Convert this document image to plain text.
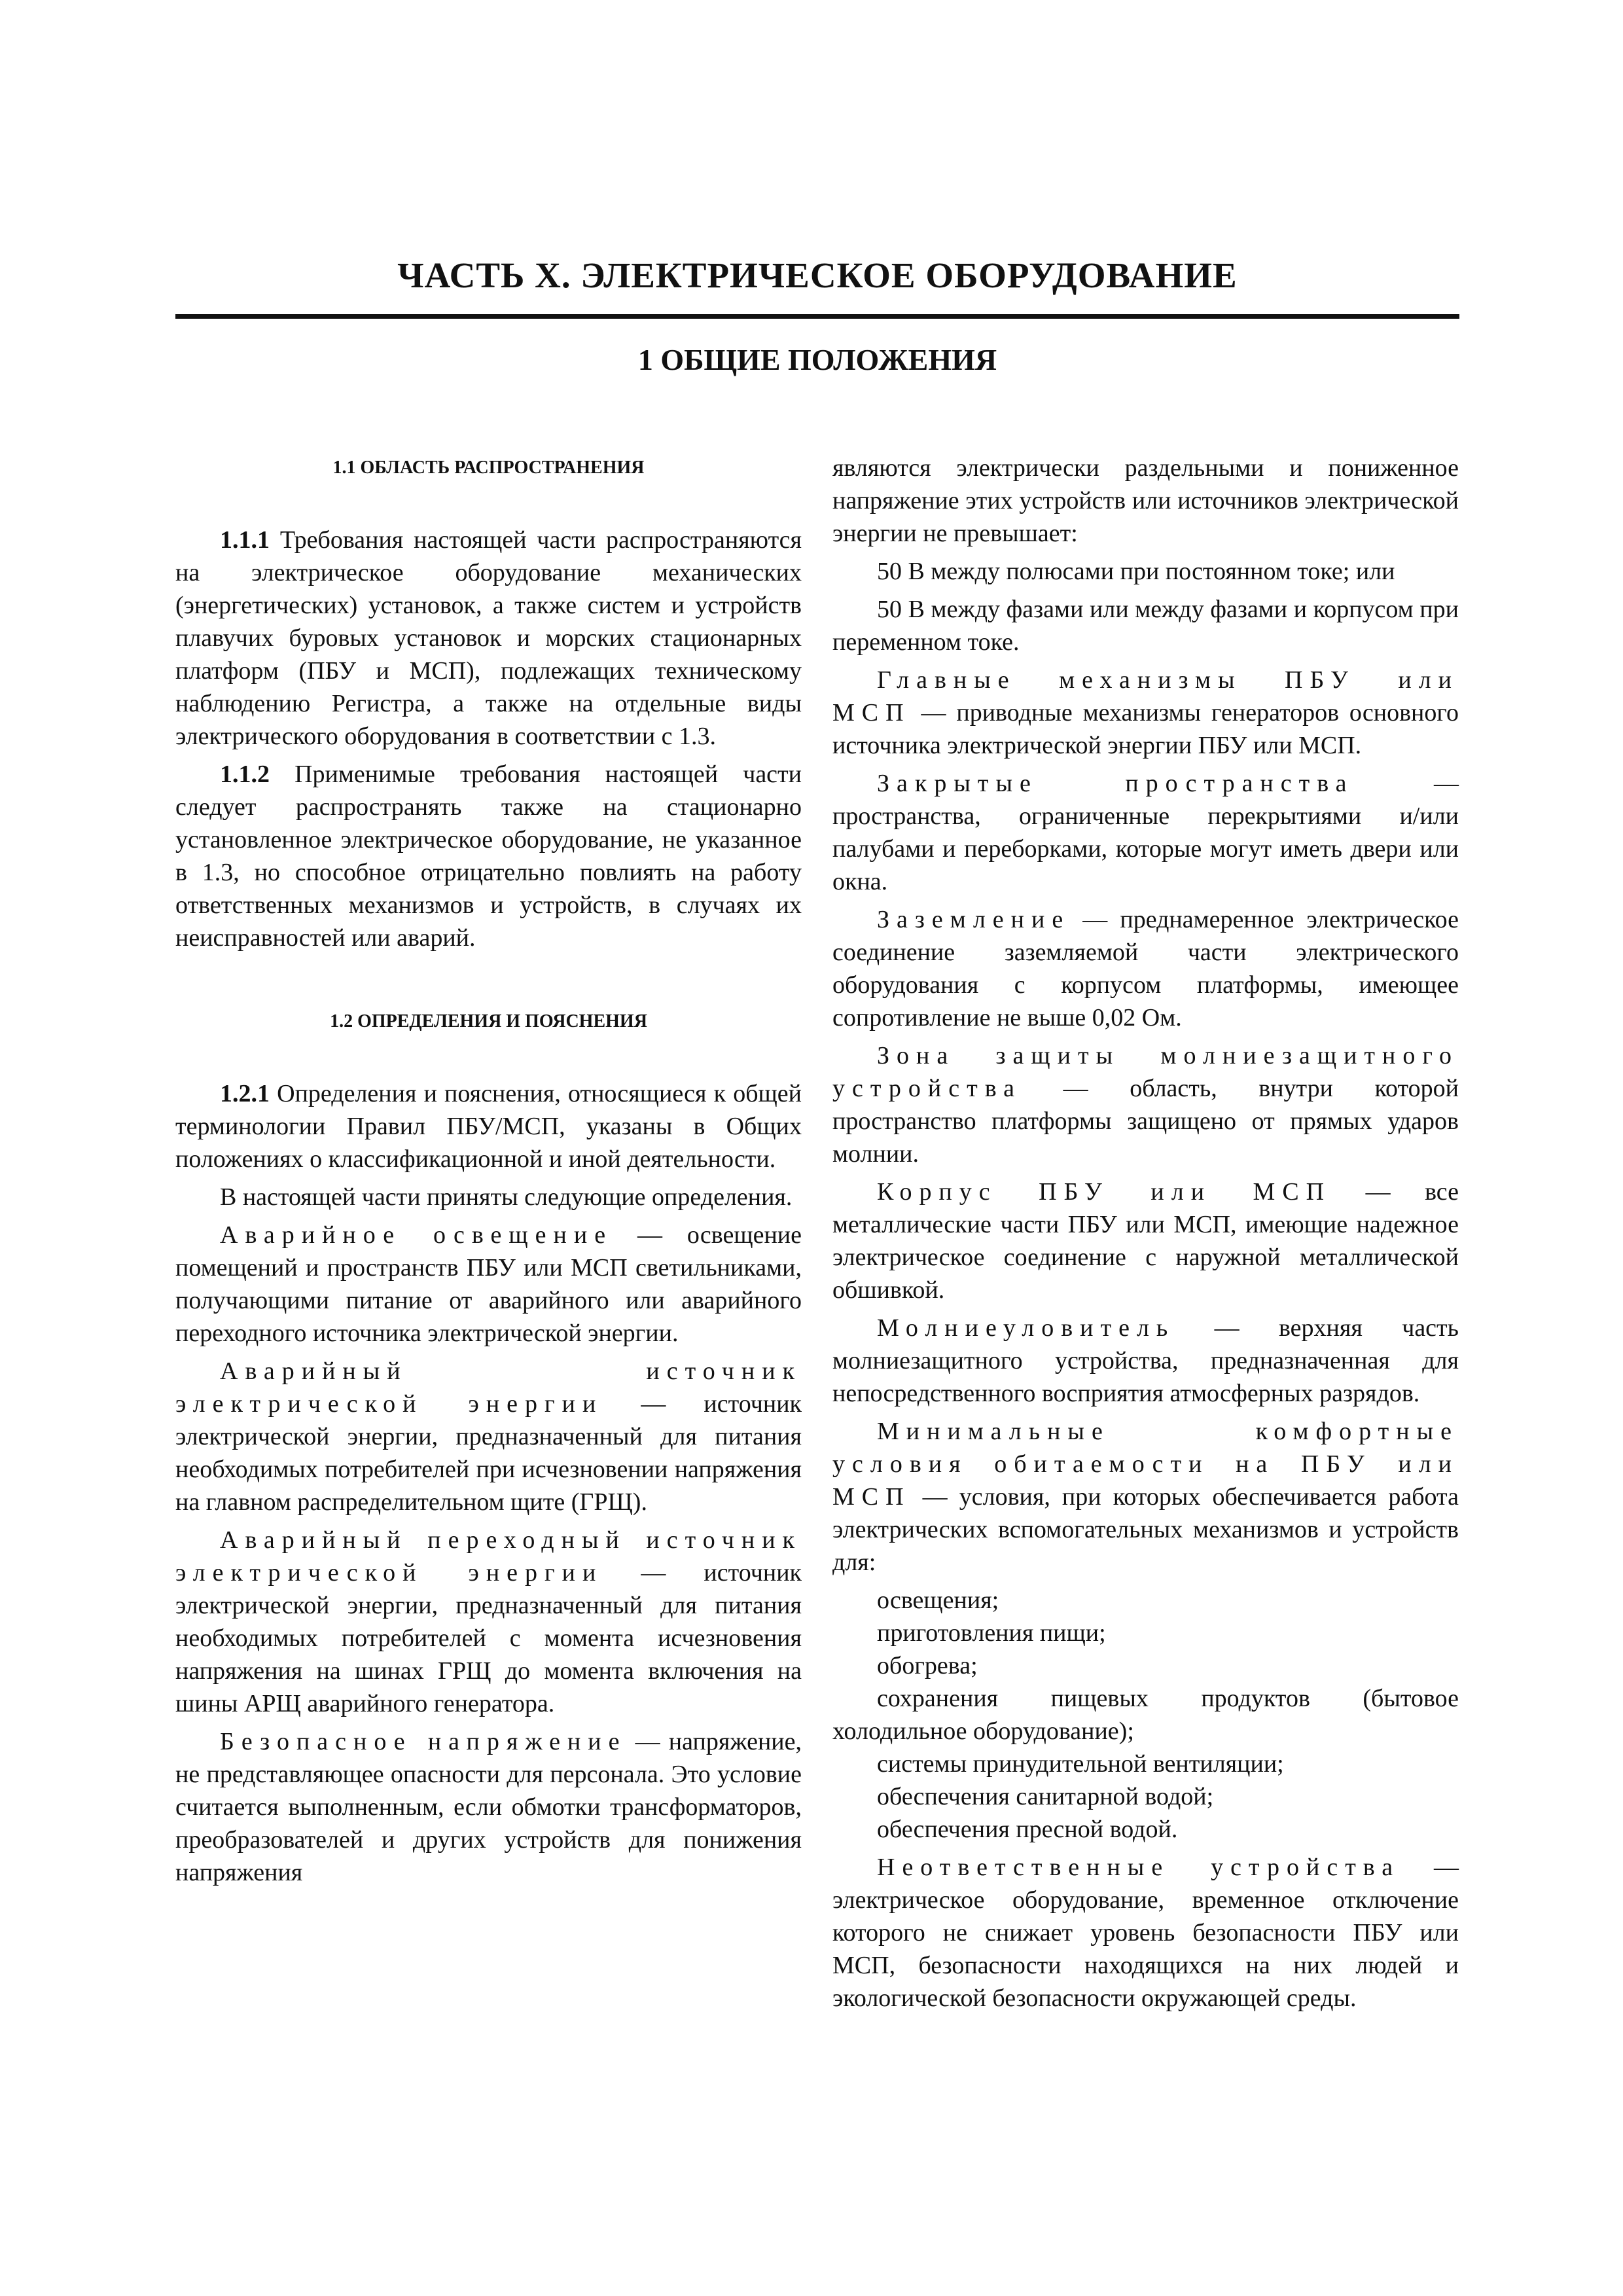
ЧАСТЬ X. ЭЛЕКТРИЧЕСКОЕ ОБОРУДОВАНИЕ
1 ОБЩИЕ ПОЛОЖЕНИЯ
1.1 ОБЛАСТЬ РАСПРОСТРАНЕНИЯ

1.1.1 Требования настоящей части распространяются на электрическое оборудование механических (энергетических) установок, а также систем и устройств плавучих буровых установок и морских стационарных платформ (ПБУ и МСП), подлежащих техническому наблюдению Регистра, а также на отдельные виды электрического оборудования в соответствии с 1.3.

1.1.2 Применимые требования настоящей части следует распространять также на стационарно установленное электрическое оборудование, не указанное в 1.3, но способное отрицательно повлиять на работу ответственных механизмов и устройств, в случаях их неисправностей или аварий.

1.2 ОПРЕДЕЛЕНИЯ И ПОЯСНЕНИЯ

1.2.1 Определения и пояснения, относящиеся к общей терминологии Правил ПБУ/МСП, указаны в Общих положениях о классификационной и иной деятельности.

В настоящей части приняты следующие определения.

Аварийное освещение — освещение помещений и пространств ПБУ или МСП светильниками, получающими питание от аварийного или аварийного переходного источника электрической энергии.

Аварийный источник электрической энергии — источник электрической энергии, предназначенный для питания необходимых потребителей при исчезновении напряжения на главном распределительном щите (ГРЩ).

Аварийный переходный источник электрической энергии — источник электрической энергии, предназначенный для питания необходимых потребителей с момента исчезновения напряжения на шинах ГРЩ до момента включения на шины АРЩ аварийного генератора.

Безопасное напряжение — напряжение, не представляющее опасности для персонала. Это условие считается выполненным, если обмотки трансформаторов, преобразователей и других устройств для понижения напряжения

являются электрически раздельными и пониженное напряжение этих устройств или источников электрической энергии не превышает:

50 В между полюсами при постоянном токе; или

50 В между фазами или между фазами и корпусом при переменном токе.

Главные механизмы ПБУ или МСП — приводные механизмы генераторов основного источника электрической энергии ПБУ или МСП.

Закрытые пространства — пространства, ограниченные перекрытиями и/или палубами и переборками, которые могут иметь двери или окна.

Заземление — преднамеренное электрическое соединение заземляемой части электрического оборудования с корпусом платформы, имеющее сопротивление не выше 0,02 Ом.

Зона защиты молниезащитного устройства — область, внутри которой пространство платформы защищено от прямых ударов молнии.

Корпус ПБУ или МСП — все металлические части ПБУ или МСП, имеющие надежное электрическое соединение с наружной металлической обшивкой.

Молниеуловитель — верхняя часть молниезащитного устройства, предназначенная для непосредственного восприятия атмосферных разрядов.

Минимальные комфортные условия обитаемости на ПБУ или МСП — условия, при которых обеспечивается работа электрических вспомогательных механизмов и устройств для:

освещения;

приготовления пищи;

обогрева;

сохранения пищевых продуктов (бытовое холодильное оборудование);

системы принудительной вентиляции;

обеспечения санитарной водой;

обеспечения пресной водой.

Неответственные устройства — электрическое оборудование, временное отключение которого не снижает уровень безопасности ПБУ или МСП, безопасности находящихся на них людей и экологической безопасности окружающей среды.
